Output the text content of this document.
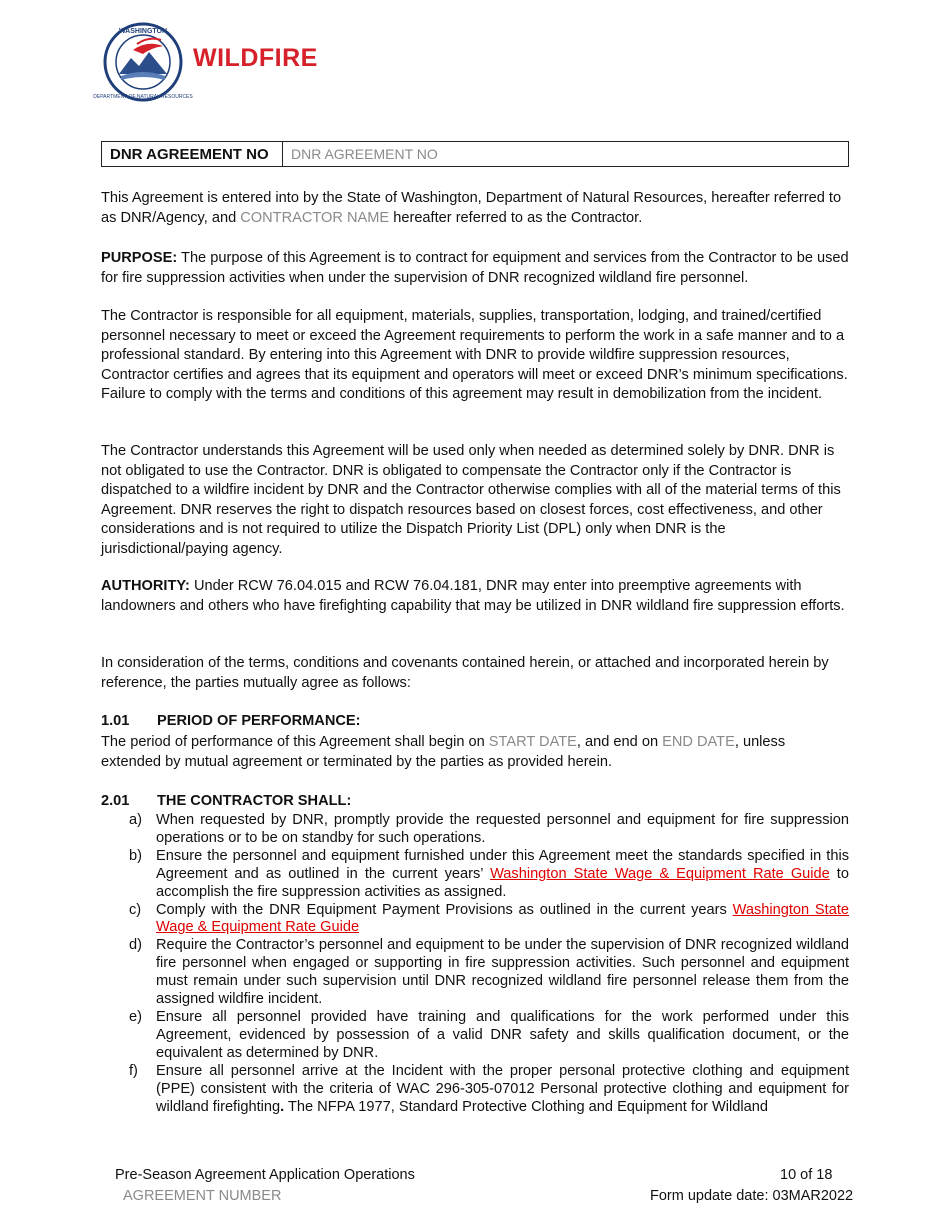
WASHINGTON
DEPARTMENT OF NATURAL RESOURCES
WILDFIRE
DNR AGREEMENT NO	DNR AGREEMENT NO
This Agreement is entered into by the State of Washington, Department of Natural Resources, hereafter referred to as DNR/Agency, and CONTRACTOR NAME hereafter referred to as the Contractor.
PURPOSE: The purpose of this Agreement is to contract for equipment and services from the Contractor to be used for fire suppression activities when under the supervision of DNR recognized wildland fire personnel.
The Contractor is responsible for all equipment, materials, supplies, transportation, lodging, and trained/certified personnel necessary to meet or exceed the Agreement requirements to perform the work in a safe manner and to a professional standard. By entering into this Agreement with DNR to provide wildfire suppression resources, Contractor certifies and agrees that its equipment and operators will meet or exceed DNR’s minimum specifications. Failure to comply with the terms and conditions of this agreement may result in demobilization from the incident.
The Contractor understands this Agreement will be used only when needed as determined solely by DNR. DNR is not obligated to use the Contractor. DNR is obligated to compensate the Contractor only if the Contractor is dispatched to a wildfire incident by DNR and the Contractor otherwise complies with all of the material terms of this Agreement. DNR reserves the right to dispatch resources based on closest forces, cost effectiveness, and other considerations and is not required to utilize the Dispatch Priority List (DPL) only when DNR is the jurisdictional/paying agency.
AUTHORITY: Under RCW 76.04.015 and RCW 76.04.181, DNR may enter into preemptive agreements with landowners and others who have firefighting capability that may be utilized in DNR wildland fire suppression efforts.
In consideration of the terms, conditions and covenants contained herein, or attached and incorporated herein by reference, the parties mutually agree as follows:
1.01 PERIOD OF PERFORMANCE:
The period of performance of this Agreement shall begin on START DATE, and end on END DATE, unless extended by mutual agreement or terminated by the parties as provided herein.
2.01 THE CONTRACTOR SHALL:
a) When requested by DNR, promptly provide the requested personnel and equipment for fire suppression operations or to be on standby for such operations.
b) Ensure the personnel and equipment furnished under this Agreement meet the standards specified in this Agreement and as outlined in the current years’ Washington State Wage & Equipment Rate Guide to accomplish the fire suppression activities as assigned.
c)	Comply with the DNR Equipment Payment Provisions as outlined in the current years Washington State Wage & Equipment Rate Guide
d) Require the Contractor’s personnel and equipment to be under the supervision of DNR recognized wildland fire personnel when engaged or supporting in fire suppression activities. Such personnel and equipment must remain under such supervision until DNR recognized wildland fire personnel release them from the assigned wildfire incident.
e) Ensure all personnel provided have training and qualifications for the work performed under this Agreement, evidenced by possession of a valid DNR safety and skills qualification document, or the equivalent as determined by DNR.
f)	Ensure all personnel arrive at the Incident with the proper personal protective clothing and equipment (PPE) consistent with the criteria of WAC 296-305-07012 Personal protective clothing and equipment for wildland firefighting. The NFPA 1977, Standard Protective Clothing and Equipment for Wildland
Pre-Season Agreement Application Operations
AGREEMENT NUMBER
10 of 18
Form update date: 03MAR2022
